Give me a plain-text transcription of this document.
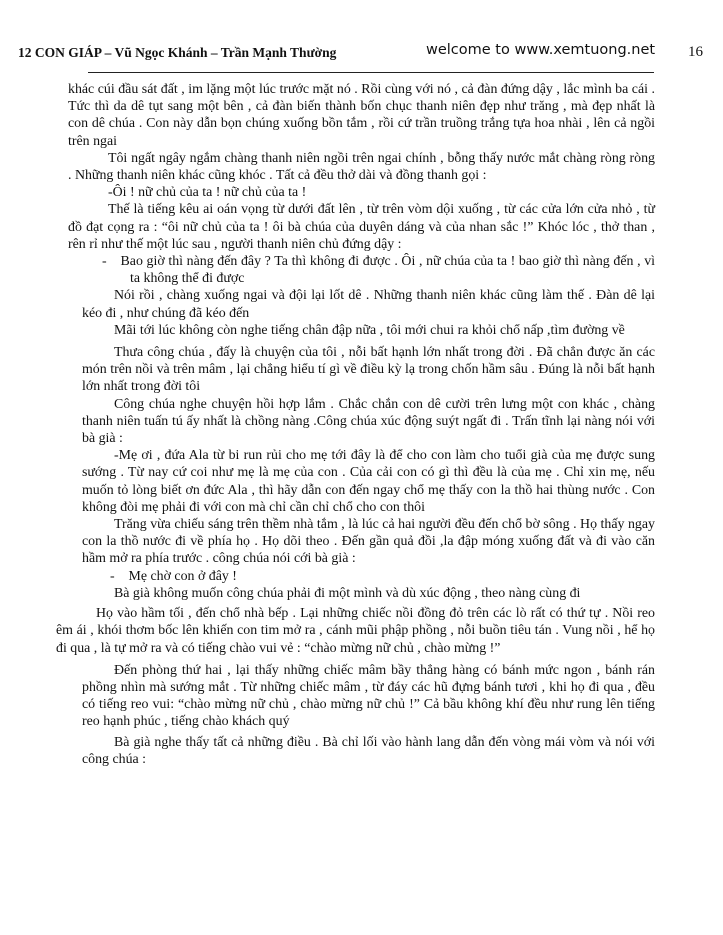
12 CON GIÁP – Vũ Ngọc Khánh – Trần Mạnh Thường	welcome to www.xemtuong.net 16

khác cúi đầu sát đất , im lặng một lúc trước mặt nó . Rồi cùng với nó , cả đàn đứng dậy , lắc mình ba cái . Tức thì da dê tụt sang một bên , cả đàn biến thành bốn chục thanh niên đẹp như trăng , mà đẹp nhất là con dê chúa . Con này dẫn bọn chúng xuống bồn tắm , rồi cứ trần truồng trắng tựa hoa nhài , lên cả ngồi trên ngai

Tôi ngất ngây ngắm chàng thanh niên ngồi trên ngai chính , bỗng thấy nước mắt chàng ròng ròng . Những thanh niên khác cũng khóc . Tất cả đều thở dài và đồng thanh gọi :

-Ôi ! nữ chủ của ta ! nữ chủ của ta !

Thế là tiếng kêu ai oán vọng từ dưới đất lên , từ trên vòm dội xuống , từ các cửa lớn cửa nhỏ , từ đồ đạt cọng ra : “ôi nữ chủ của ta ! ôi bà chúa của duyên dáng và của nhan sắc !” Khóc lóc , thở than , rên rỉ như thế một lúc sau , người thanh niên chủ đứng dậy :

- Bao giờ thì nàng đến đây ? Ta thì không đi được . Ôi , nữ chúa của ta ! bao giờ thì nàng đến , vì ta không thể đi được

Nói rồi , chàng xuống ngai và đội lại lốt dê . Những thanh niên khác cũng làm thế . Đàn dê lại kéo đi , như chúng đã kéo đến

Mãi tới lúc không còn nghe tiếng chân đập nữa , tôi mới chui ra khỏi chổ nấp ,tìm đường về

Thưa công chúa , đấy là chuyện của tôi , nỗi bất hạnh lớn nhất trong đời . Đã chẳn được ăn các món trên nồi và trên mâm , lại chẳng hiểu tí gì về điều kỳ lạ trong chốn hầm sâu . Đúng là nỗi bất hạnh lớn nhất trong đời tôi

Công chúa nghe chuyện hồi hợp lắm . Chắc chắn con dê cười trên lưng một con khác , chàng thanh niên tuấn tú ấy nhất là chồng nàng .Công chúa xúc động suýt ngất đi . Trấn tĩnh lại nàng nói với bà già :

-Mẹ ơi , đứa Ala từ bi run rủi cho mẹ tới đây là để cho con làm cho tuổi già của mẹ được sung sướng . Từ nay cứ coi như mẹ là mẹ của con . Của cải con có gì thì đều là của mẹ . Chỉ xin mẹ, nếu muốn tỏ lòng biết ơn đức Ala , thì hãy dẫn con đến ngay chổ mẹ thấy con la thồ hai thùng nước . Con không đòi mẹ phải đi với con mà chỉ cần chỉ chổ cho con thôi

Trăng vừa chiếu sáng trên thềm nhà tắm , là lúc cả hai người đều đến chổ bờ sông . Họ thấy ngay con la thồ nước đi về phía họ . Họ dõi theo . Đến gần quả đồi ,la đập móng xuống đất và đi vào căn hầm mở ra phía trước . công chúa nói cới bà già :

- Mẹ chờ con ở đây !

Bà già không muốn công chúa phải đi một mình và dù xúc động , theo nàng cùng đi

Họ vào hầm tối , đến chổ nhà bếp . Lại những chiếc nồi đồng đỏ trên các lò rất có thứ tự . Nồi reo êm ái , khói thơm bốc lên khiến con tim mở ra , cánh mũi phập phồng , nỗi buồn tiêu tán . Vung nồi , hể họ đi qua , là tự mở ra và có tiếng chào vui vẻ : “chào mừng nữ chủ , chào mừng !”

Đến phòng thứ hai , lại thấy những chiếc mâm bầy thẳng hàng có bánh mức ngon , bánh rán phồng nhìn mà sướng mắt . Từ những chiếc mâm , từ đáy các hũ đựng bánh tươi , khi họ đi qua , đều có tiếng reo vui: “chào mừng nữ chủ , chào mừng nữ chủ !” Cả bầu không khí đều như rung lên tiếng reo hạnh phúc , tiếng chào khách quý

Bà già nghe thấy tất cả những điều . Bà chỉ lối vào hành lang dẫn đến vòng mái vòm và nói với công chúa :
